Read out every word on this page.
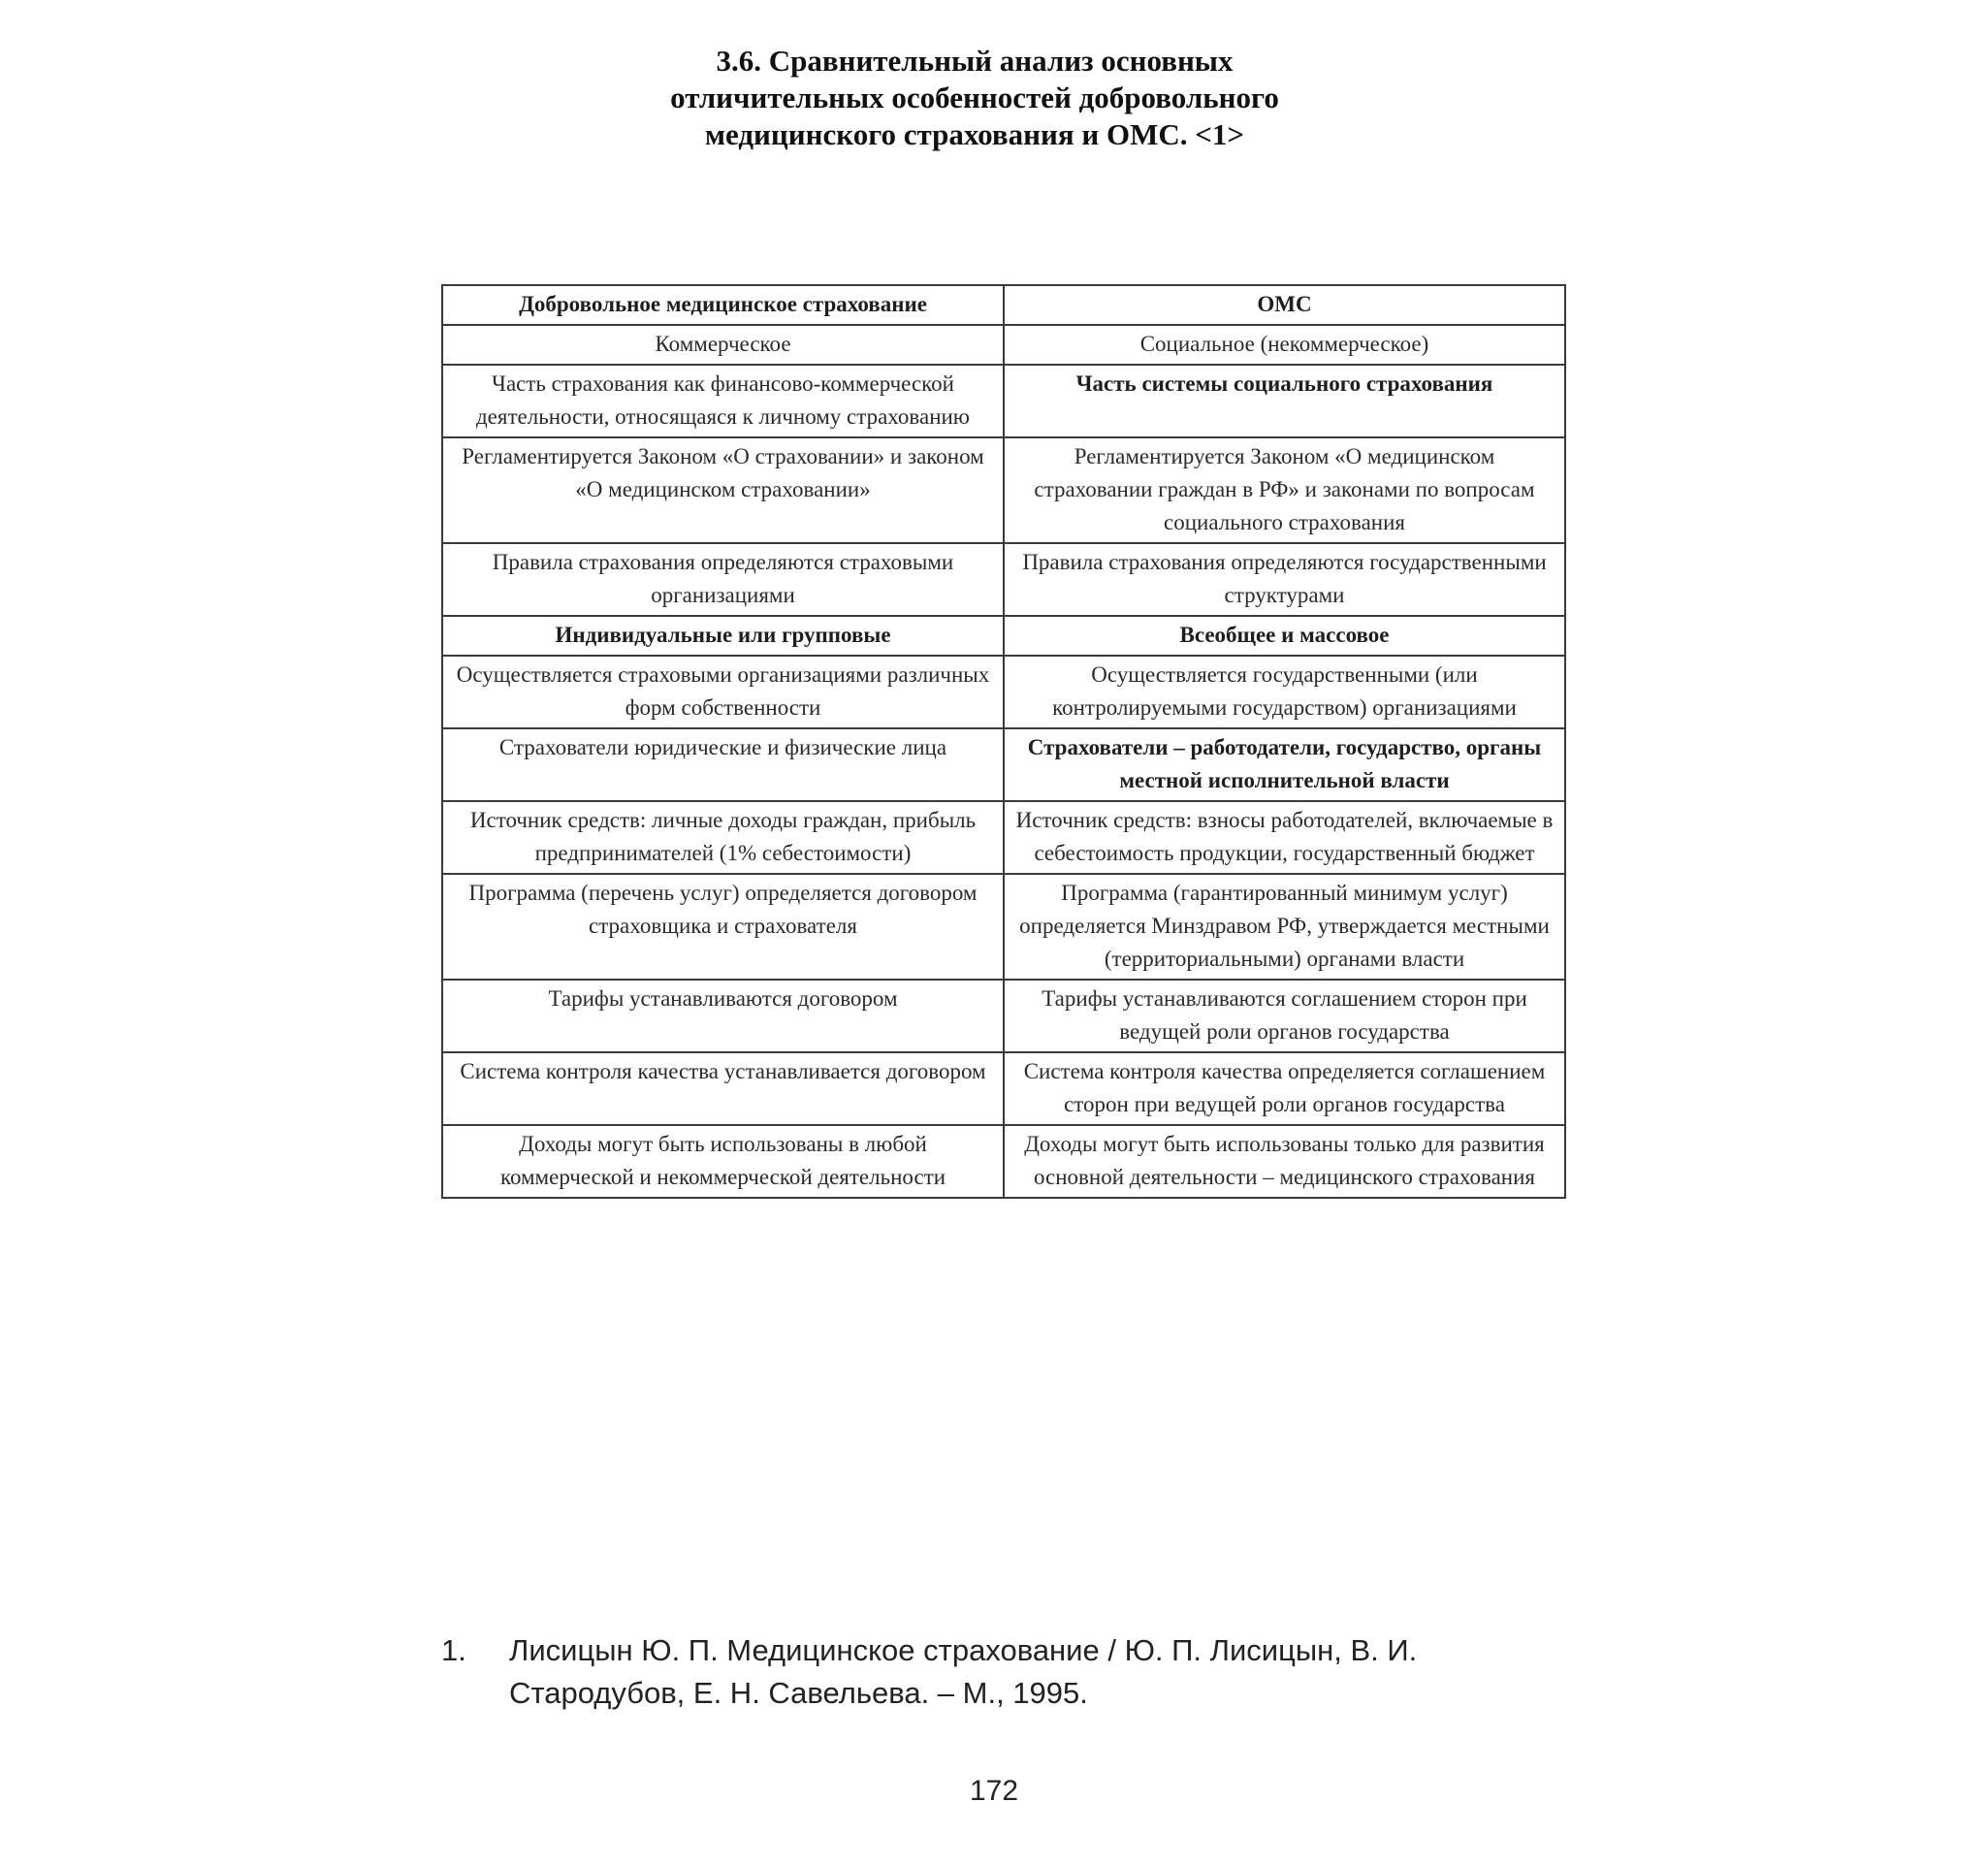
3.6. Сравнительный анализ основных
отличительных особенностей добровольного
медицинского страхования и ОМС. <1>
Добровольное медицинское страхование	ОМС
Коммерческое	Социальное (некоммерческое)
Часть страхования как финансово-коммерческой деятельности, относящаяся к личному страхованию	Часть системы социального страхования
Регламентируется Законом «О страховании» и законом «О медицинском страховании»	Регламентируется Законом «О медицинском страховании граждан в РФ» и законами по вопросам социального страхования
Правила страхования определяются страховыми организациями	Правила страхования определяются государственными структурами
Индивидуальные или групповые	Всеобщее и массовое
Осуществляется страховыми организациями различных форм собственности	Осуществляется государственными (или контролируемыми государством) организациями
Страхователи юридические и физические лица	Страхователи – работодатели, государство, органы местной исполнительной власти
Источник средств: личные доходы граждан, прибыль предпринимателей (1% себестоимости)	Источник средств: взносы работодателей, включаемые в себестоимость продукции, государственный бюджет
Программа (перечень услуг) определяется договором страховщика и страхователя	Программа (гарантированный минимум услуг) определяется Минздравом РФ, утверждается местными (территориальными) органами власти
Тарифы устанавливаются договором	Тарифы устанавливаются соглашением сторон при ведущей роли органов государства
Система контроля качества устанавливается договором	Система контроля качества определяется соглашением сторон при ведущей роли органов государства
Доходы могут быть использованы в любой коммерческой и некоммерческой деятельности	Доходы могут быть использованы только для развития основной деятельности – медицинского страхования
1.	Лисицын Ю. П. Медицинское страхование / Ю. П. Лисицын, В. И. Стародубов, Е. Н. Савельева. – М., 1995.
172
